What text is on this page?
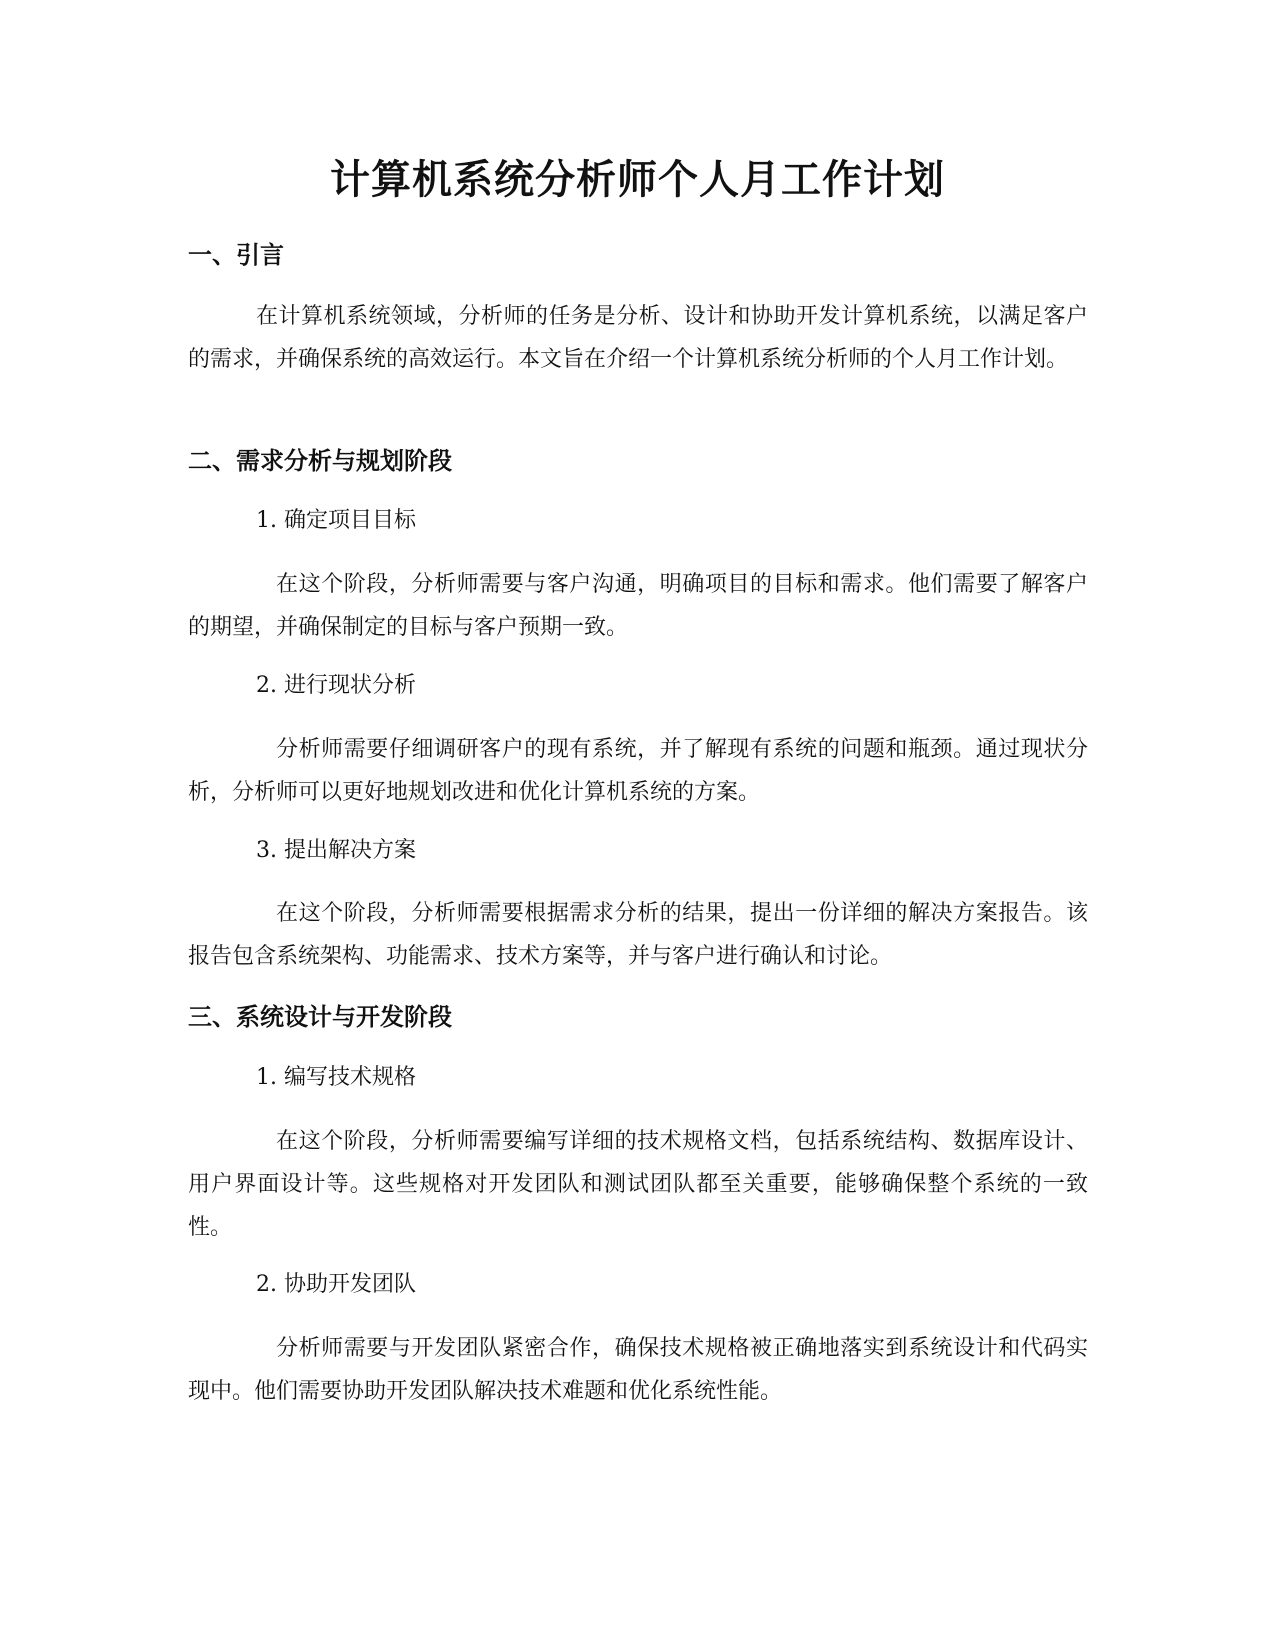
计算机系统分析师个人月工作计划
一、引言

在计算机系统领域，分析师的任务是分析、设计和协助开发计算机系统，以满足客户的需求，并确保系统的高效运行。本文旨在介绍一个计算机系统分析师的个人月工作计划。

二、需求分析与规划阶段

1. 确定项目目标

在这个阶段，分析师需要与客户沟通，明确项目的目标和需求。他们需要了解客户的期望，并确保制定的目标与客户预期一致。

2. 进行现状分析

分析师需要仔细调研客户的现有系统，并了解现有系统的问题和瓶颈。通过现状分析，分析师可以更好地规划改进和优化计算机系统的方案。

3. 提出解决方案

在这个阶段，分析师需要根据需求分析的结果，提出一份详细的解决方案报告。该报告包含系统架构、功能需求、技术方案等，并与客户进行确认和讨论。

三、系统设计与开发阶段

1. 编写技术规格

在这个阶段，分析师需要编写详细的技术规格文档，包括系统结构、数据库设计、用户界面设计等。这些规格对开发团队和测试团队都至关重要，能够确保整个系统的一致性。

2. 协助开发团队

分析师需要与开发团队紧密合作，确保技术规格被正确地落实到系统设计和代码实现中。他们需要协助开发团队解决技术难题和优化系统性能。
